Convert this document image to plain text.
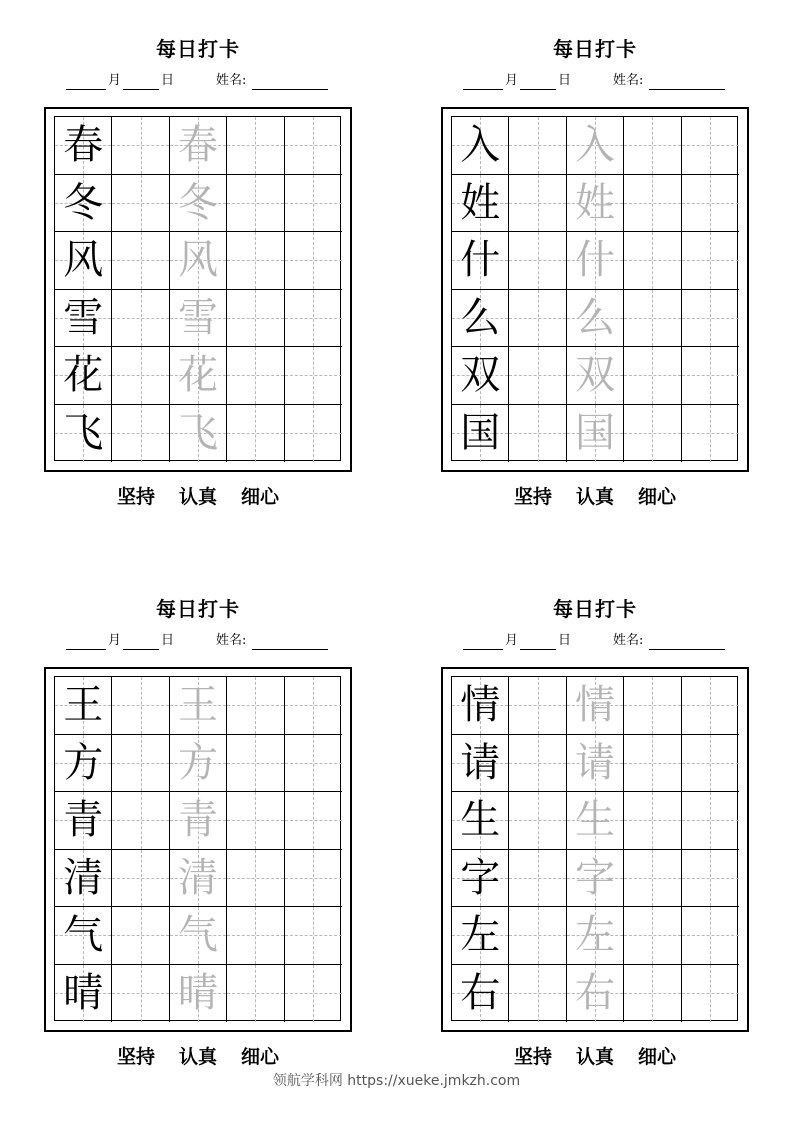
每日打卡
月	日	姓名:
春 春
冬 冬
风 风
雪 雪
花 花
飞 飞
坚持 认真 细心
每日打卡
月	日	姓名:
入 入
姓 姓
什 什
么 么
双 双
国 国
坚持 认真 细心
每日打卡
月	日	姓名:
王 王
方 方
青 青
清 清
气 气
晴 晴
坚持 认真 细心
每日打卡
月	日	姓名:
情 情
请 请
生 生
字 字
左 左
右 右
坚持 认真 细心
领航学科网 https://xueke.jmkzh.com
